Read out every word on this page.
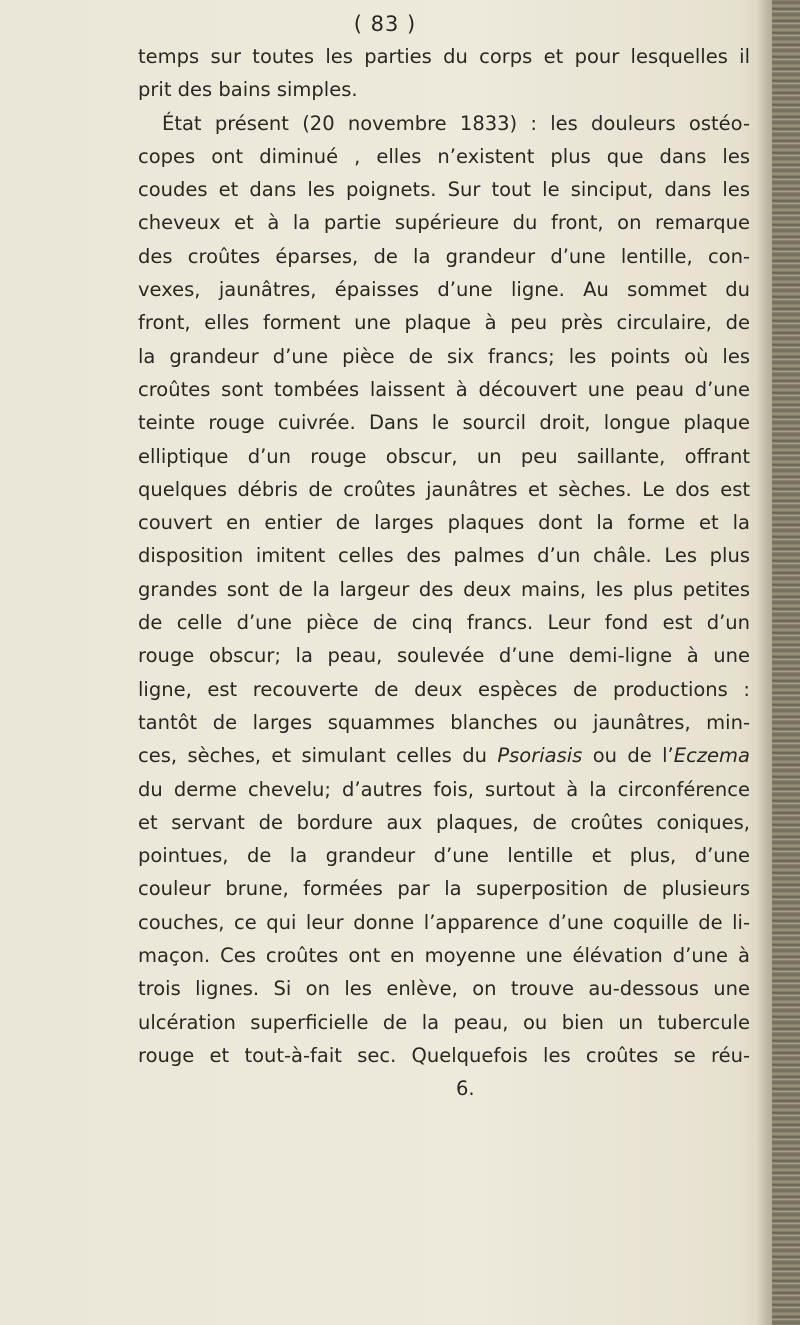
( 83 )
temps sur toutes les parties du corps et pour lesquelles il
prit des bains simples.
État présent (20 novembre 1833) : les douleurs ostéo-
copes ont diminué , elles n’existent plus que dans les
coudes et dans les poignets. Sur tout le sinciput, dans les
cheveux et à la partie supérieure du front, on remarque
des croûtes éparses, de la grandeur d’une lentille, con-
vexes, jaunâtres, épaisses d’une ligne. Au sommet du
front, elles forment une plaque à peu près circulaire, de
la grandeur d’une pièce de six francs; les points où les
croûtes sont tombées laissent à découvert une peau d’une
teinte rouge cuivrée. Dans le sourcil droit, longue plaque
elliptique d’un rouge obscur, un peu saillante, offrant
quelques débris de croûtes jaunâtres et sèches. Le dos est
couvert en entier de larges plaques dont la forme et la
disposition imitent celles des palmes d’un châle. Les plus
grandes sont de la largeur des deux mains, les plus petites
de celle d’une pièce de cinq francs. Leur fond est d’un
rouge obscur; la peau, soulevée d’une demi-ligne à une
ligne, est recouverte de deux espèces de productions :
tantôt de larges squammes blanches ou jaunâtres, min-
ces, sèches, et simulant celles du Psoriasis ou de l’Eczema
du derme chevelu; d’autres fois, surtout à la circonférence
et servant de bordure aux plaques, de croûtes coniques,
pointues, de la grandeur d’une lentille et plus, d’une
couleur brune, formées par la superposition de plusieurs
couches, ce qui leur donne l’apparence d’une coquille de li-
maçon. Ces croûtes ont en moyenne une élévation d’une à
trois lignes. Si on les enlève, on trouve au-dessous une
ulcération superficielle de la peau, ou bien un tubercule
rouge et tout-à-fait sec. Quelquefois les croûtes se réu-
6.
